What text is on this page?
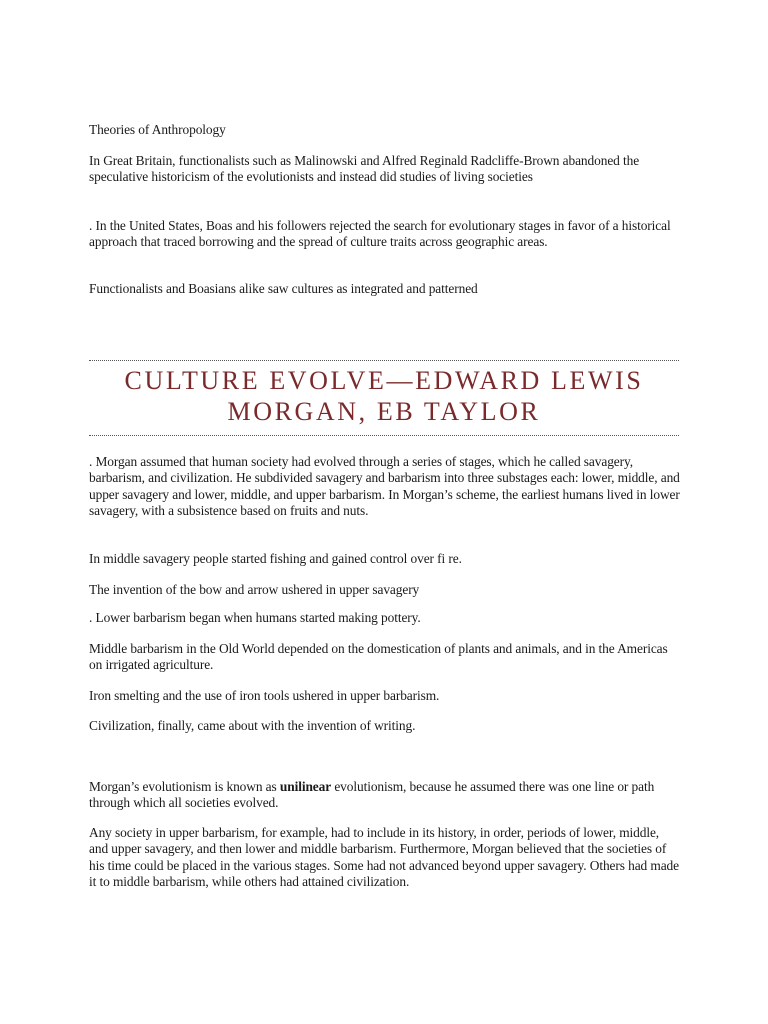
Theories of Anthropology

In Great Britain, functionalists such as Malinowski and Alfred Reginald Radcliffe-Brown abandoned the speculative historicism of the evolutionists and instead did studies of living societies

. In the United States, Boas and his followers rejected the search for evolutionary stages in favor of a historical approach that traced borrowing and the spread of culture traits across geographic areas.

Functionalists and Boasians alike saw cultures as integrated and patterned

CULTURE EVOLVE—EDWARD LEWIS MORGAN, EB TAYLOR

. Morgan assumed that human society had evolved through a series of stages, which he called savagery, barbarism, and civilization. He subdivided savagery and barbarism into three substages each: lower, middle, and upper savagery and lower, middle, and upper barbarism. In Morgan’s scheme, the earliest humans lived in lower savagery, with a subsistence based on fruits and nuts.

In middle savagery people started fishing and gained control over fi re.

The invention of the bow and arrow ushered in upper savagery

. Lower barbarism began when humans started making pottery.

Middle barbarism in the Old World depended on the domestication of plants and animals, and in the Americas on irrigated agriculture.

Iron smelting and the use of iron tools ushered in upper barbarism.

Civilization, finally, came about with the invention of writing.

Morgan’s evolutionism is known as unilinear evolutionism, because he assumed there was one line or path through which all societies evolved.

Any society in upper barbarism, for example, had to include in its history, in order, periods of lower, middle, and upper savagery, and then lower and middle barbarism. Furthermore, Morgan believed that the societies of his time could be placed in the various stages. Some had not advanced beyond upper savagery. Others had made it to middle barbarism, while others had attained civilization.
